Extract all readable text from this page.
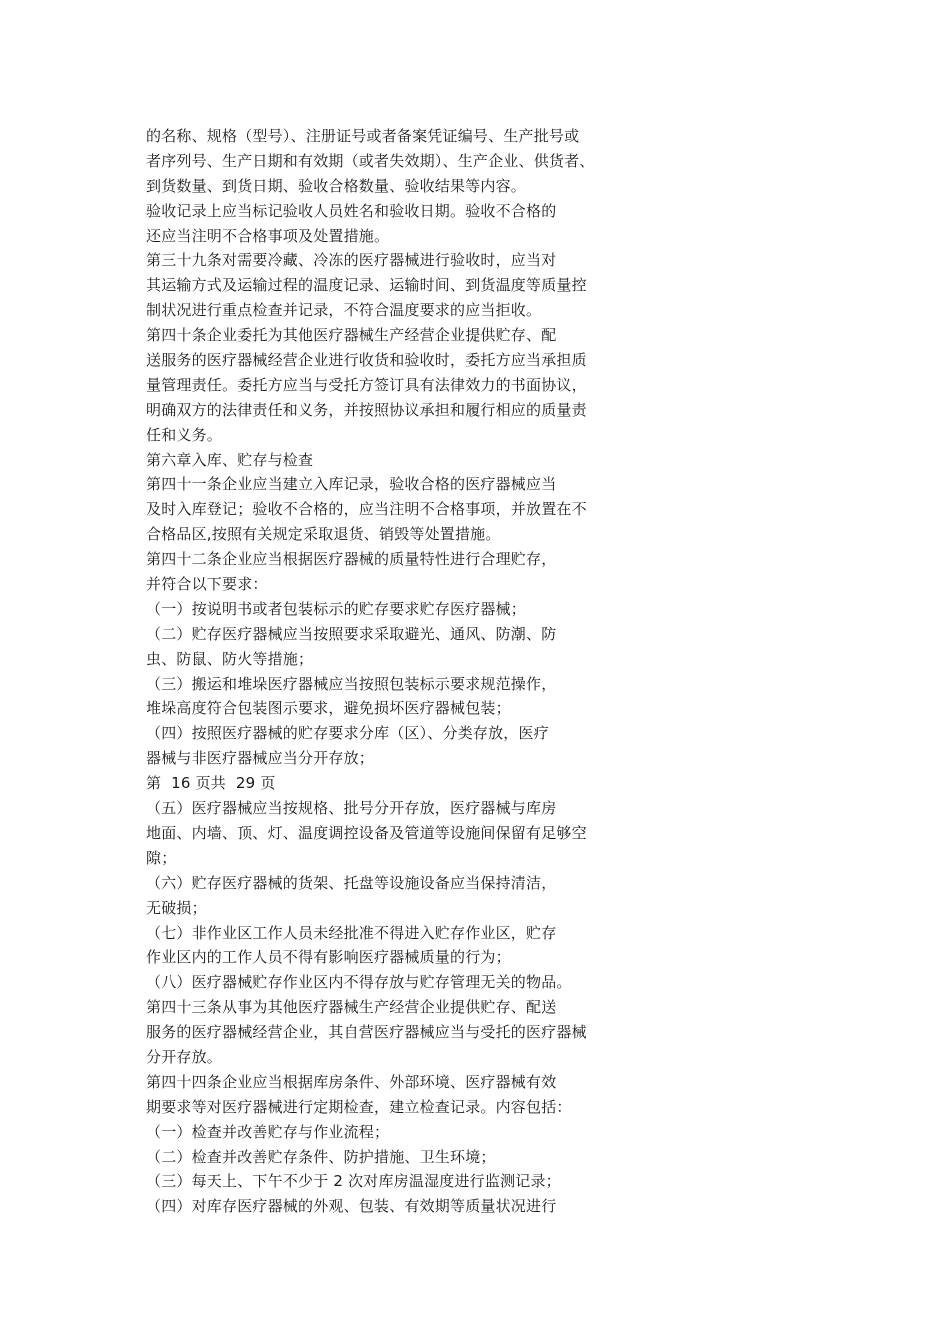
的名称、规格（型号）、注册证号或者备案凭证编号、生产批号或
者序列号、生产日期和有效期（或者失效期）、生产企业、供货者、
到货数量、到货日期、验收合格数量、验收结果等内容。
验收记录上应当标记验收人员姓名和验收日期。验收不合格的
还应当注明不合格事项及处置措施。
第三十九条对需要冷藏、冷冻的医疗器械进行验收时，应当对
其运输方式及运输过程的温度记录、运输时间、到货温度等质量控
制状况进行重点检查并记录，不符合温度要求的应当拒收。
第四十条企业委托为其他医疗器械生产经营企业提供贮存、配
送服务的医疗器械经营企业进行收货和验收时，委托方应当承担质
量管理责任。委托方应当与受托方签订具有法律效力的书面协议，
明确双方的法律责任和义务，并按照协议承担和履行相应的质量责
任和义务。
第六章入库、贮存与检查
第四十一条企业应当建立入库记录，验收合格的医疗器械应当
及时入库登记；验收不合格的，应当注明不合格事项，并放置在不
合格品区,按照有关规定采取退货、销毁等处置措施。
第四十二条企业应当根据医疗器械的质量特性进行合理贮存，
并符合以下要求：
（一）按说明书或者包装标示的贮存要求贮存医疗器械；
（二）贮存医疗器械应当按照要求采取避光、通风、防潮、防
虫、防鼠、防火等措施；
（三）搬运和堆垛医疗器械应当按照包装标示要求规范操作，
堆垛高度符合包装图示要求，避免损坏医疗器械包装；
（四）按照医疗器械的贮存要求分库（区）、分类存放，医疗
器械与非医疗器械应当分开存放；
第  16 页共  29 页
（五）医疗器械应当按规格、批号分开存放，医疗器械与库房
地面、内墙、顶、灯、温度调控设备及管道等设施间保留有足够空
隙；
（六）贮存医疗器械的货架、托盘等设施设备应当保持清洁，
无破损；
（七）非作业区工作人员未经批准不得进入贮存作业区，贮存
作业区内的工作人员不得有影响医疗器械质量的行为；
（八）医疗器械贮存作业区内不得存放与贮存管理无关的物品。
第四十三条从事为其他医疗器械生产经营企业提供贮存、配送
服务的医疗器械经营企业，其自营医疗器械应当与受托的医疗器械
分开存放。
第四十四条企业应当根据库房条件、外部环境、医疗器械有效
期要求等对医疗器械进行定期检查，建立检查记录。内容包括：
（一）检查并改善贮存与作业流程；
（二）检查并改善贮存条件、防护措施、卫生环境；
（三）每天上、下午不少于 2 次对库房温湿度进行监测记录；
（四）对库存医疗器械的外观、包装、有效期等质量状况进行
